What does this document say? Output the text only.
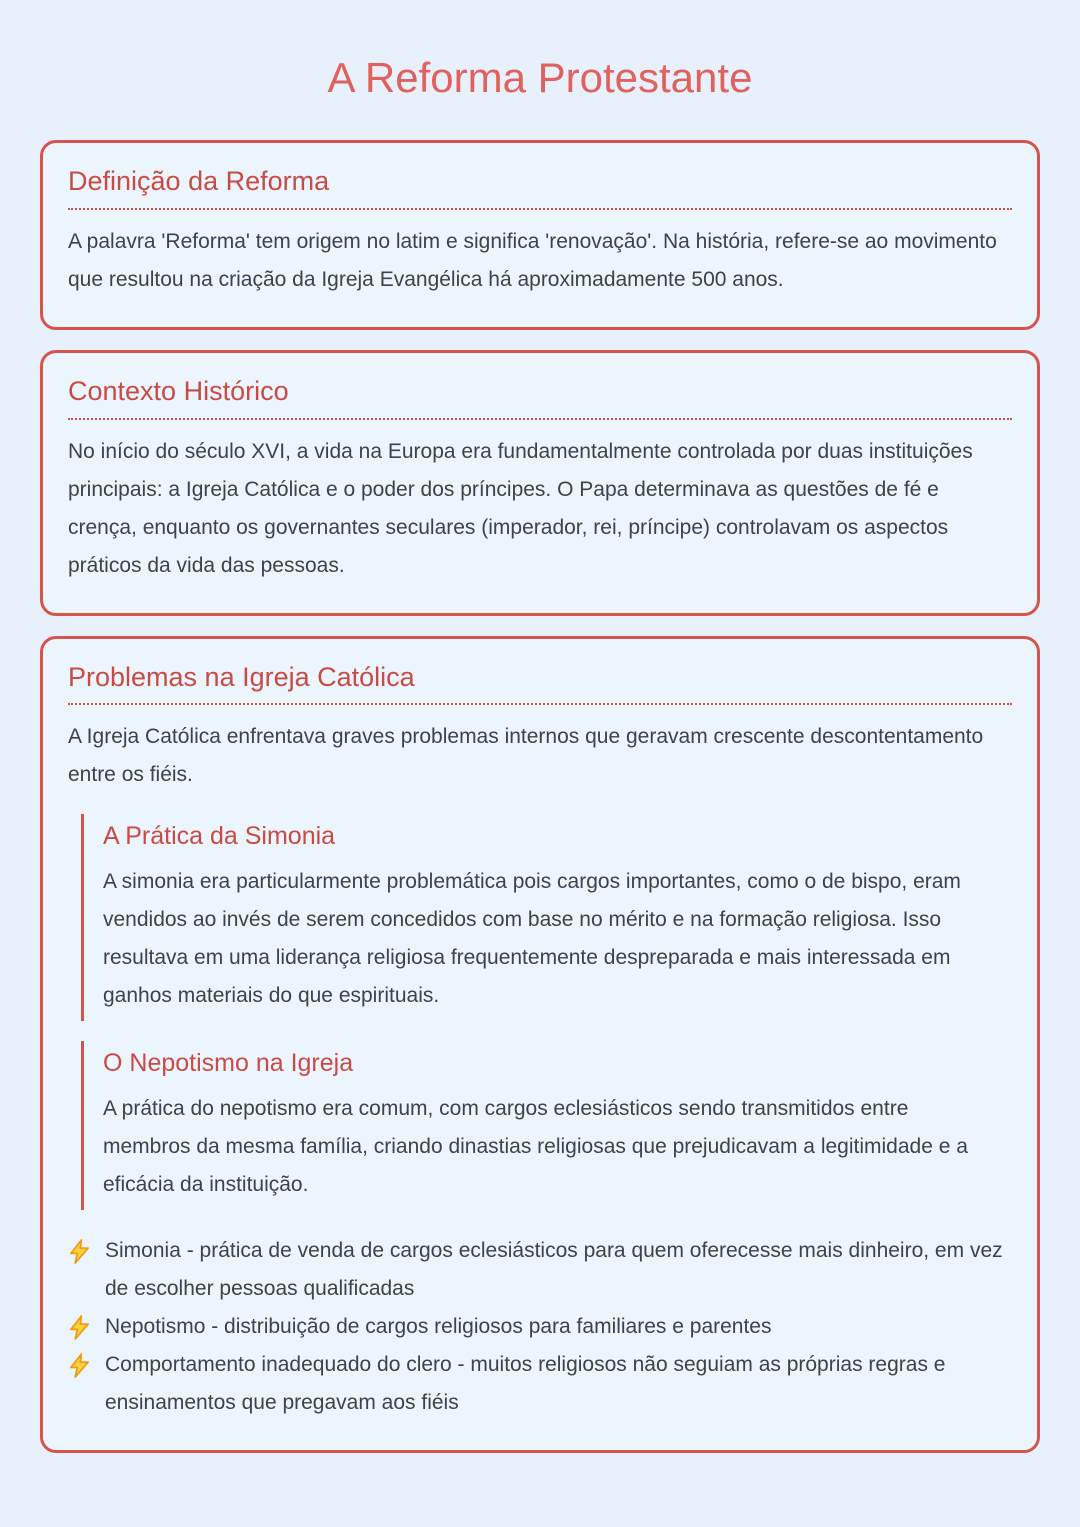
A Reforma Protestante
Definição da Reforma

A palavra 'Reforma' tem origem no latim e significa 'renovação'. Na história, refere-se ao movimento que resultou na criação da Igreja Evangélica há aproximadamente 500 anos.

Contexto Histórico

No início do século XVI, a vida na Europa era fundamentalmente controlada por duas instituições principais: a Igreja Católica e o poder dos príncipes. O Papa determinava as questões de fé e crença, enquanto os governantes seculares (imperador, rei, príncipe) controlavam os aspectos práticos da vida das pessoas.

Problemas na Igreja Católica

A Igreja Católica enfrentava graves problemas internos que geravam crescente descontentamento entre os fiéis.

A Prática da Simonia

A simonia era particularmente problemática pois cargos importantes, como o de bispo, eram vendidos ao invés de serem concedidos com base no mérito e na formação religiosa. Isso resultava em uma liderança religiosa frequentemente despreparada e mais interessada em ganhos materiais do que espirituais.

O Nepotismo na Igreja

A prática do nepotismo era comum, com cargos eclesiásticos sendo transmitidos entre membros da mesma família, criando dinastias religiosas que prejudicavam a legitimidade e a eficácia da instituição.

Simonia - prática de venda de cargos eclesiásticos para quem oferecesse mais dinheiro, em vez de escolher pessoas qualificadas
Nepotismo - distribuição de cargos religiosos para familiares e parentes
Comportamento inadequado do clero - muitos religiosos não seguiam as próprias regras e ensinamentos que pregavam aos fiéis
